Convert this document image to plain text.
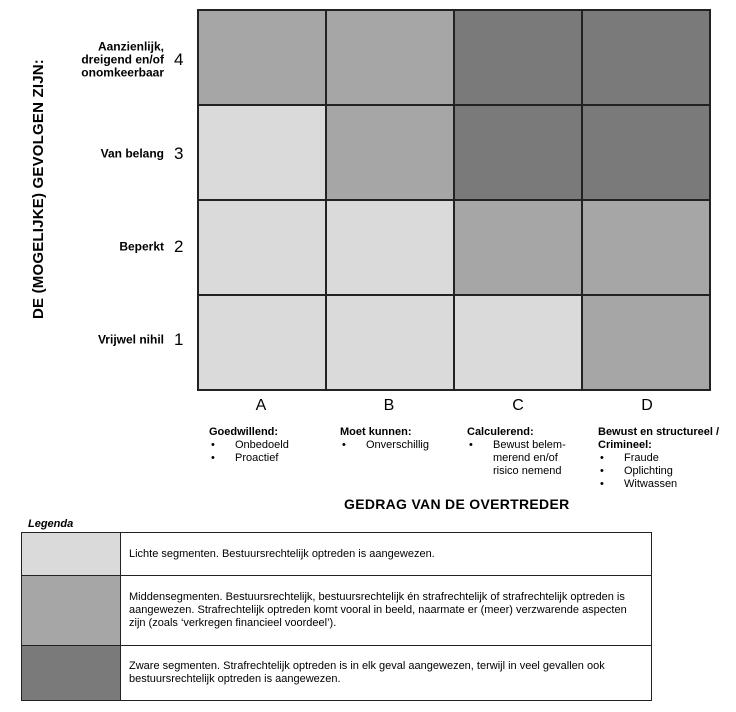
DE (MOGELIJKE) GEVOLGEN ZIJN:
Aanzienlijk, dreigend en/of onomkeerbaar
4
Van belang 3
Beperkt 2
Vrijwel nihil 1
A	B	C	D
Goedwillend:
• Onbedoeld
• Proactief
Moet kunnen:
• Onverschillig
Calculerend:
• Bewust belem-merend en/of risico nemend
Bewust en structureel / Crimineel:
• Fraude
• Oplichting
• Witwassen
GEDRAG VAN DE OVERTREDER
Legenda
	Lichte segmenten. Bestuursrechtelijk optreden is aangewezen.
	Middensegmenten. Bestuursrechtelijk, bestuursrechtelijk én strafrechtelijk of strafrechtelijk optreden is aangewezen. Strafrechtelijk optreden komt vooral in beeld, naarmate er (meer) verzwarende aspecten zijn (zoals ‘verkregen financieel voordeel’).
	Zware segmenten. Strafrechtelijk optreden is in elk geval aangewezen, terwijl in veel gevallen ook bestuursrechtelijk optreden is aangewezen.
